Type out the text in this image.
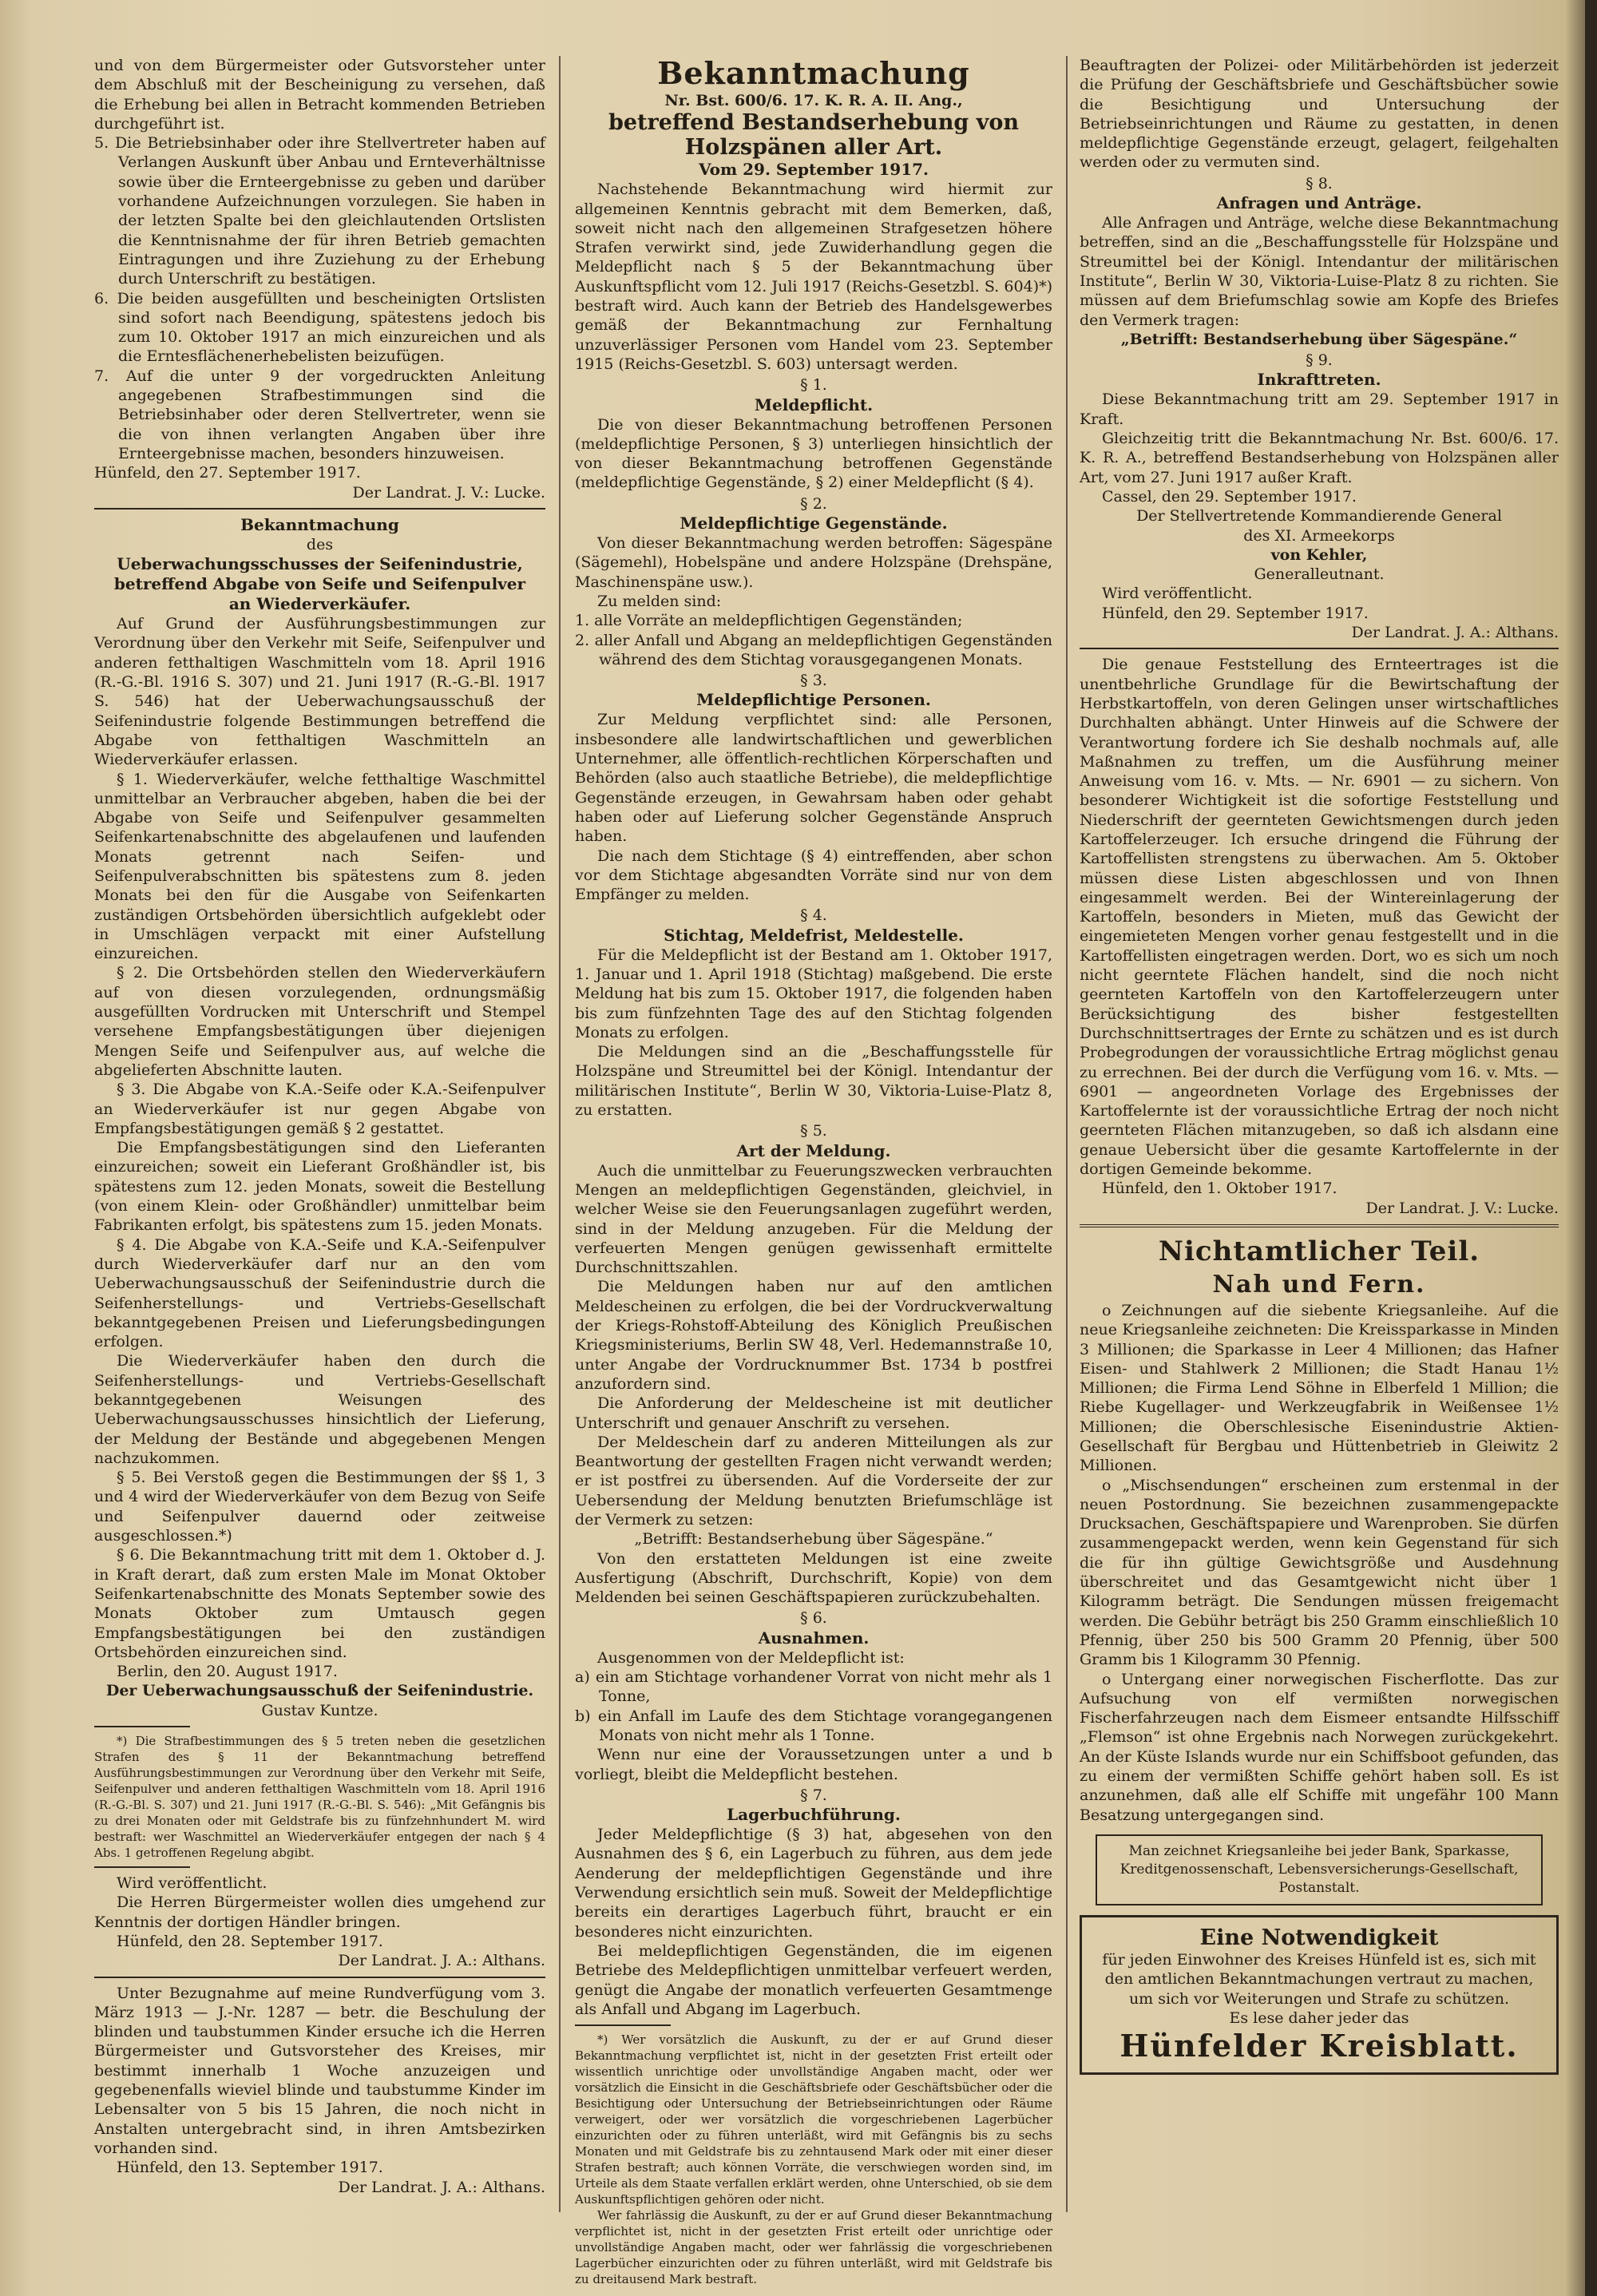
und von dem Bürgermeister oder Gutsvorsteher unter dem Abschluß mit der Bescheinigung zu versehen, daß die Erhebung bei allen in Betracht kommenden Betrieben durchgeführt ist.

5. Die Betriebsinhaber oder ihre Stellvertreter haben auf Verlangen Auskunft über Anbau und Ernteverhältnisse sowie über die Ernteergebnisse zu geben und darüber vorhandene Aufzeichnungen vorzulegen. Sie haben in der letzten Spalte bei den gleichlautenden Ortslisten die Kenntnisnahme der für ihren Betrieb gemachten Eintragungen und ihre Zuziehung zu der Erhebung durch Unterschrift zu bestätigen.

6. Die beiden ausgefüllten und bescheinigten Ortslisten sind sofort nach Beendigung, spätestens jedoch bis zum 10. Oktober 1917 an mich einzureichen und als die Erntesflächenerhebelisten beizufügen.

7. Auf die unter 9 der vorgedruckten Anleitung angegebenen Strafbestimmungen sind die Betriebsinhaber oder deren Stellvertreter, wenn sie die von ihnen verlangten Angaben über ihre Ernteergebnisse machen, besonders hinzuweisen.

Hünfeld, den 27. September 1917.

Der Landrat. J. V.: Lucke.

Bekanntmachung

des

Ueberwachungsschusses der Seifenindustrie, betreffend Abgabe von Seife und Seifenpulver

an Wiederverkäufer.

Auf Grund der Ausführungsbestimmungen zur Verordnung über den Verkehr mit Seife, Seifenpulver und anderen fetthaltigen Waschmitteln vom 18. April 1916 (R.-G.-Bl. 1916 S. 307) und 21. Juni 1917 (R.-G.-Bl. 1917 S. 546) hat der Ueberwachungsausschuß der Seifenindustrie folgende Bestimmungen betreffend die Abgabe von fetthaltigen Waschmitteln an Wiederverkäufer erlassen.

§ 1. Wiederverkäufer, welche fetthaltige Waschmittel unmittelbar an Verbraucher abgeben, haben die bei der Abgabe von Seife und Seifenpulver gesammelten Seifenkartenabschnitte des abgelaufenen und laufenden Monats getrennt nach Seifen- und Seifenpulverabschnitten bis spätestens zum 8. jeden Monats bei den für die Ausgabe von Seifenkarten zuständigen Ortsbehörden übersichtlich aufgeklebt oder in Umschlägen verpackt mit einer Aufstellung einzureichen.

§ 2. Die Ortsbehörden stellen den Wiederverkäufern auf von diesen vorzulegenden, ordnungsmäßig ausgefüllten Vordrucken mit Unterschrift und Stempel versehene Empfangsbestätigungen über diejenigen Mengen Seife und Seifenpulver aus, auf welche die abgelieferten Abschnitte lauten.

§ 3. Die Abgabe von K.A.-Seife oder K.A.-Seifenpulver an Wiederverkäufer ist nur gegen Abgabe von Empfangsbestätigungen gemäß § 2 gestattet.

Die Empfangsbestätigungen sind den Lieferanten einzureichen; soweit ein Lieferant Großhändler ist, bis spätestens zum 12. jeden Monats, soweit die Bestellung (von einem Klein- oder Großhändler) unmittelbar beim Fabrikanten erfolgt, bis spätestens zum 15. jeden Monats.

§ 4. Die Abgabe von K.A.-Seife und K.A.-Seifenpulver durch Wiederverkäufer darf nur an den vom Ueberwachungsausschuß der Seifenindustrie durch die Seifenherstellungs- und Vertriebs-Gesellschaft bekanntgegebenen Preisen und Lieferungsbedingungen erfolgen.

Die Wiederverkäufer haben den durch die Seifenherstellungs- und Vertriebs-Gesellschaft bekanntgegebenen Weisungen des Ueberwachungsausschusses hinsichtlich der Lieferung, der Meldung der Bestände und abgegebenen Mengen nachzukommen.

§ 5. Bei Verstoß gegen die Bestimmungen der §§ 1, 3 und 4 wird der Wiederverkäufer von dem Bezug von Seife und Seifenpulver dauernd oder zeitweise ausgeschlossen.*)

§ 6. Die Bekanntmachung tritt mit dem 1. Oktober d. J. in Kraft derart, daß zum ersten Male im Monat Oktober Seifenkartenabschnitte des Monats September sowie des Monats Oktober zum Umtausch gegen Empfangsbestätigungen bei den zuständigen Ortsbehörden einzureichen sind.

Berlin, den 20. August 1917.

Der Ueberwachungsausschuß der Seifenindustrie.

Gustav Kuntze.

*) Die Strafbestimmungen des § 5 treten neben die gesetzlichen Strafen des § 11 der Bekanntmachung betreffend Ausführungsbestimmungen zur Verordnung über den Verkehr mit Seife, Seifenpulver und anderen fetthaltigen Waschmitteln vom 18. April 1916 (R.-G.-Bl. S. 307) und 21. Juni 1917 (R.-G.-Bl. S. 546): „Mit Gefängnis bis zu drei Monaten oder mit Geldstrafe bis zu fünfzehnhundert M. wird bestraft: wer Waschmittel an Wiederverkäufer entgegen der nach § 4 Abs. 1 getroffenen Regelung abgibt.

Wird veröffentlicht.

Die Herren Bürgermeister wollen dies umgehend zur Kenntnis der dortigen Händler bringen.

Hünfeld, den 28. September 1917.

Der Landrat. J. A.: Althans.

Unter Bezugnahme auf meine Rundverfügung vom 3. März 1913 — J.-Nr. 1287 — betr. die Beschulung der blinden und taubstummen Kinder ersuche ich die Herren Bürgermeister und Gutsvorsteher des Kreises, mir bestimmt innerhalb 1 Woche anzuzeigen und gegebenenfalls wieviel blinde und taubstumme Kinder im Lebensalter von 5 bis 15 Jahren, die noch nicht in Anstalten untergebracht sind, in ihren Amtsbezirken vorhanden sind.

Hünfeld, den 13. September 1917.

Der Landrat. J. A.: Althans.

Bekanntmachung

Nr. Bst. 600/6. 17. K. R. A. II. Ang.,

betreffend Bestandserhebung von Holzspänen aller Art.

Vom 29. September 1917.

Nachstehende Bekanntmachung wird hiermit zur allgemeinen Kenntnis gebracht mit dem Bemerken, daß, soweit nicht nach den allgemeinen Strafgesetzen höhere Strafen verwirkt sind, jede Zuwiderhandlung gegen die Meldepflicht nach § 5 der Bekanntmachung über Auskunftspflicht vom 12. Juli 1917 (Reichs-Gesetzbl. S. 604)*) bestraft wird. Auch kann der Betrieb des Handelsgewerbes gemäß der Bekanntmachung zur Fernhaltung unzuverlässiger Personen vom Handel vom 23. September 1915 (Reichs-Gesetzbl. S. 603) untersagt werden.

§ 1.

Meldepflicht.

Die von dieser Bekanntmachung betroffenen Personen (meldepflichtige Personen, § 3) unterliegen hinsichtlich der von dieser Bekanntmachung betroffenen Gegenstände (meldepflichtige Gegenstände, § 2) einer Meldepflicht (§ 4).

§ 2.

Meldepflichtige Gegenstände.

Von dieser Bekanntmachung werden betroffen: Sägespäne (Sägemehl), Hobelspäne und andere Holzspäne (Drehspäne, Maschinenspäne usw.).

Zu melden sind:

1. alle Vorräte an meldepflichtigen Gegenständen;

2. aller Anfall und Abgang an meldepflichtigen Gegenständen während des dem Stichtag vorausgegangenen Monats.

§ 3.

Meldepflichtige Personen.

Zur Meldung verpflichtet sind: alle Personen, insbesondere alle landwirtschaftlichen und gewerblichen Unternehmer, alle öffentlich-rechtlichen Körperschaften und Behörden (also auch staatliche Betriebe), die meldepflichtige Gegenstände erzeugen, in Gewahrsam haben oder gehabt haben oder auf Lieferung solcher Gegenstände Anspruch haben.

Die nach dem Stichtage (§ 4) eintreffenden, aber schon vor dem Stichtage abgesandten Vorräte sind nur von dem Empfänger zu melden.

§ 4.

Stichtag, Meldefrist, Meldestelle.

Für die Meldepflicht ist der Bestand am 1. Oktober 1917, 1. Januar und 1. April 1918 (Stichtag) maßgebend. Die erste Meldung hat bis zum 15. Oktober 1917, die folgenden haben bis zum fünfzehnten Tage des auf den Stichtag folgenden Monats zu erfolgen.

Die Meldungen sind an die „Beschaffungsstelle für Holzspäne und Streumittel bei der Königl. Intendantur der militärischen Institute“, Berlin W 30, Viktoria-Luise-Platz 8, zu erstatten.

§ 5.

Art der Meldung.

Auch die unmittelbar zu Feuerungszwecken verbrauchten Mengen an meldepflichtigen Gegenständen, gleichviel, in welcher Weise sie den Feuerungsanlagen zugeführt werden, sind in der Meldung anzugeben. Für die Meldung der verfeuerten Mengen genügen gewissenhaft ermittelte Durchschnittszahlen.

Die Meldungen haben nur auf den amtlichen Meldescheinen zu erfolgen, die bei der Vordruckverwaltung der Kriegs-Rohstoff-Abteilung des Königlich Preußischen Kriegsministeriums, Berlin SW 48, Verl. Hedemannstraße 10, unter Angabe der Vordrucknummer Bst. 1734 b postfrei anzufordern sind.

Die Anforderung der Meldescheine ist mit deutlicher Unterschrift und genauer Anschrift zu versehen.

Der Meldeschein darf zu anderen Mitteilungen als zur Beantwortung der gestellten Fragen nicht verwandt werden; er ist postfrei zu übersenden. Auf die Vorderseite der zur Uebersendung der Meldung benutzten Briefumschläge ist der Vermerk zu setzen:

„Betrifft: Bestandserhebung über Sägespäne.“

Von den erstatteten Meldungen ist eine zweite Ausfertigung (Abschrift, Durchschrift, Kopie) von dem Meldenden bei seinen Geschäftspapieren zurückzubehalten.

§ 6.

Ausnahmen.

Ausgenommen von der Meldepflicht ist:

a) ein am Stichtage vorhandener Vorrat von nicht mehr als 1 Tonne,

b) ein Anfall im Laufe des dem Stichtage vorangegangenen Monats von nicht mehr als 1 Tonne.

Wenn nur eine der Voraussetzungen unter a und b vorliegt, bleibt die Meldepflicht bestehen.

§ 7.

Lagerbuchführung.

Jeder Meldepflichtige (§ 3) hat, abgesehen von den Ausnahmen des § 6, ein Lagerbuch zu führen, aus dem jede Aenderung der meldepflichtigen Gegenstände und ihre Verwendung ersichtlich sein muß. Soweit der Meldepflichtige bereits ein derartiges Lagerbuch führt, braucht er ein besonderes nicht einzurichten.

Bei meldepflichtigen Gegenständen, die im eigenen Betriebe des Meldepflichtigen unmittelbar verfeuert werden, genügt die Angabe der monatlich verfeuerten Gesamtmenge als Anfall und Abgang im Lagerbuch.

*) Wer vorsätzlich die Auskunft, zu der er auf Grund dieser Bekanntmachung verpflichtet ist, nicht in der gesetzten Frist erteilt oder wissentlich unrichtige oder unvollständige Angaben macht, oder wer vorsätzlich die Einsicht in die Geschäftsbriefe oder Geschäftsbücher oder die Besichtigung oder Untersuchung der Betriebseinrichtungen oder Räume verweigert, oder wer vorsätzlich die vorgeschriebenen Lagerbücher einzurichten oder zu führen unterläßt, wird mit Gefängnis bis zu sechs Monaten und mit Geldstrafe bis zu zehntausend Mark oder mit einer dieser Strafen bestraft; auch können Vorräte, die verschwiegen worden sind, im Urteile als dem Staate verfallen erklärt werden, ohne Unterschied, ob sie dem Auskunftspflichtigen gehören oder nicht.

Wer fahrlässig die Auskunft, zu der er auf Grund dieser Bekanntmachung verpflichtet ist, nicht in der gesetzten Frist erteilt oder unrichtige oder unvollständige Angaben macht, oder wer fahrlässig die vorgeschriebenen Lagerbücher einzurichten oder zu führen unterläßt, wird mit Geldstrafe bis zu dreitausend Mark bestraft.

Beauftragten der Polizei- oder Militärbehörden ist jederzeit die Prüfung der Geschäftsbriefe und Geschäftsbücher sowie die Besichtigung und Untersuchung der Betriebseinrichtungen und Räume zu gestatten, in denen meldepflichtige Gegenstände erzeugt, gelagert, feilgehalten werden oder zu vermuten sind.

§ 8.

Anfragen und Anträge.

Alle Anfragen und Anträge, welche diese Bekanntmachung betreffen, sind an die „Beschaffungsstelle für Holzspäne und Streumittel bei der Königl. Intendantur der militärischen Institute“, Berlin W 30, Viktoria-Luise-Platz 8 zu richten. Sie müssen auf dem Briefumschlag sowie am Kopfe des Briefes den Vermerk tragen:

„Betrifft: Bestandserhebung über Sägespäne.“

§ 9.

Inkrafttreten.

Diese Bekanntmachung tritt am 29. September 1917 in Kraft.

Gleichzeitig tritt die Bekanntmachung Nr. Bst. 600/6. 17. K. R. A., betreffend Bestandserhebung von Holzspänen aller Art, vom 27. Juni 1917 außer Kraft.

Cassel, den 29. September 1917.

Der Stellvertretende Kommandierende General

des XI. Armeekorps

von Kehler,

Generalleutnant.

Wird veröffentlicht.

Hünfeld, den 29. September 1917.

Der Landrat. J. A.: Althans.

Die genaue Feststellung des Ernteertrages ist die unentbehrliche Grundlage für die Bewirtschaftung der Herbstkartoffeln, von deren Gelingen unser wirtschaftliches Durchhalten abhängt. Unter Hinweis auf die Schwere der Verantwortung fordere ich Sie deshalb nochmals auf, alle Maßnahmen zu treffen, um die Ausführung meiner Anweisung vom 16. v. Mts. — Nr. 6901 — zu sichern. Von besonderer Wichtigkeit ist die sofortige Feststellung und Niederschrift der geernteten Gewichtsmengen durch jeden Kartoffelerzeuger. Ich ersuche dringend die Führung der Kartoffellisten strengstens zu überwachen. Am 5. Oktober müssen diese Listen abgeschlossen und von Ihnen eingesammelt werden. Bei der Wintereinlagerung der Kartoffeln, besonders in Mieten, muß das Gewicht der eingemieteten Mengen vorher genau festgestellt und in die Kartoffellisten eingetragen werden. Dort, wo es sich um noch nicht geerntete Flächen handelt, sind die noch nicht geernteten Kartoffeln von den Kartoffelerzeugern unter Berücksichtigung des bisher festgestellten Durchschnittsertrages der Ernte zu schätzen und es ist durch Probegrodungen der voraussichtliche Ertrag möglichst genau zu errechnen. Bei der durch die Verfügung vom 16. v. Mts. — 6901 — angeordneten Vorlage des Ergebnisses der Kartoffelernte ist der voraussichtliche Ertrag der noch nicht geernteten Flächen mitanzugeben, so daß ich alsdann eine genaue Uebersicht über die gesamte Kartoffelernte in der dortigen Gemeinde bekomme.

Hünfeld, den 1. Oktober 1917.

Der Landrat. J. V.: Lucke.

Nichtamtlicher Teil.

Nah und Fern.

o Zeichnungen auf die siebente Kriegsanleihe. Auf die neue Kriegsanleihe zeichneten: Die Kreissparkasse in Minden 3 Millionen; die Sparkasse in Leer 4 Millionen; das Hafner Eisen- und Stahlwerk 2 Millionen; die Stadt Hanau 1½ Millionen; die Firma Lend Söhne in Elberfeld 1 Million; die Riebe Kugellager- und Werkzeugfabrik in Weißensee 1½ Millionen; die Oberschlesische Eisenindustrie Aktien-Gesellschaft für Bergbau und Hüttenbetrieb in Gleiwitz 2 Millionen.

o „Mischsendungen“ erscheinen zum erstenmal in der neuen Postordnung. Sie bezeichnen zusammengepackte Drucksachen, Geschäftspapiere und Warenproben. Sie dürfen zusammengepackt werden, wenn kein Gegenstand für sich die für ihn gültige Gewichtsgröße und Ausdehnung überschreitet und das Gesamtgewicht nicht über 1 Kilogramm beträgt. Die Sendungen müssen freigemacht werden. Die Gebühr beträgt bis 250 Gramm einschließlich 10 Pfennig, über 250 bis 500 Gramm 20 Pfennig, über 500 Gramm bis 1 Kilogramm 30 Pfennig.

o Untergang einer norwegischen Fischerflotte. Das zur Aufsuchung von elf vermißten norwegischen Fischerfahrzeugen nach dem Eismeer entsandte Hilfsschiff „Flemson“ ist ohne Ergebnis nach Norwegen zurückgekehrt. An der Küste Islands wurde nur ein Schiffsboot gefunden, das zu einem der vermißten Schiffe gehört haben soll. Es ist anzunehmen, daß alle elf Schiffe mit ungefähr 100 Mann Besatzung untergegangen sind.

Man zeichnet Kriegsanleihe bei jeder Bank, Sparkasse, Kreditgenossenschaft, Lebensversicherungs-Gesellschaft, Postanstalt.

Eine Notwendigkeit

für jeden Einwohner des Kreises Hünfeld ist es, sich mit den amtlichen Bekanntmachungen vertraut zu machen, um sich vor Weiterungen und Strafe zu schützen.

Es lese daher jeder das

Hünfelder Kreisblatt.
